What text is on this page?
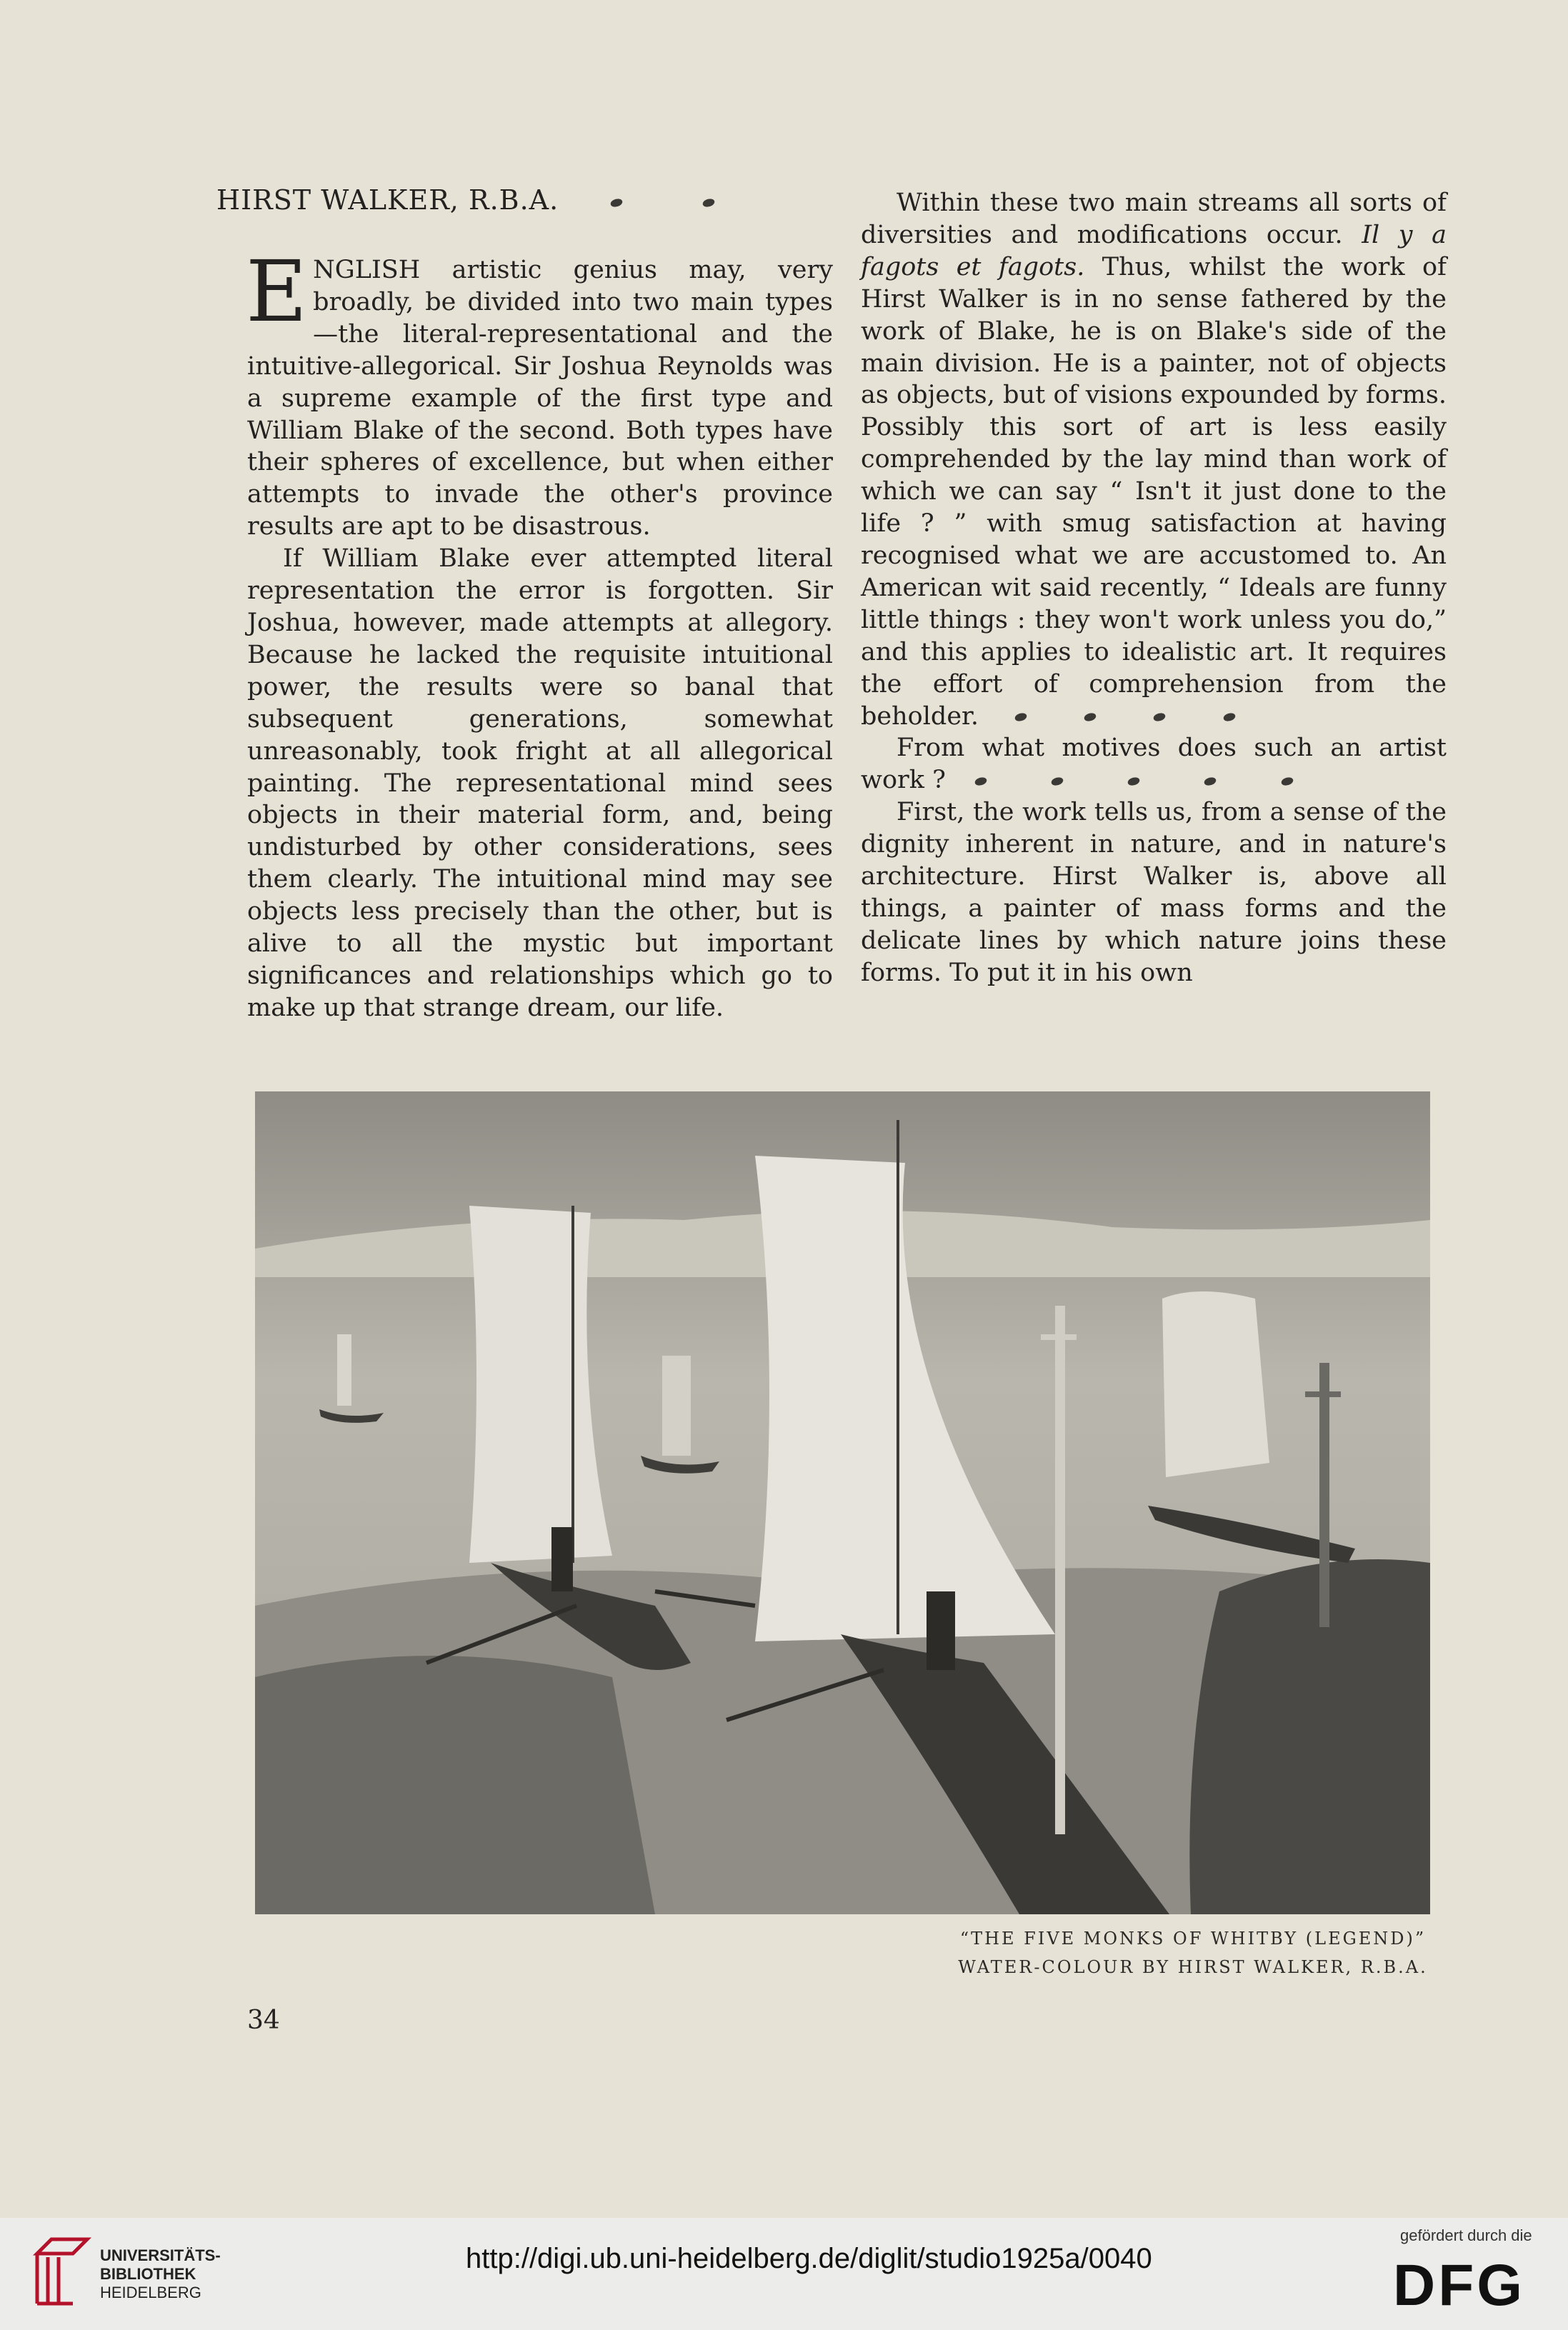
HIRST WALKER, R.B.A.

ENGLISH artistic genius may, very broadly, be divided into two main types—the literal-representational and the intuitive-allegorical. Sir Joshua Reynolds was a supreme example of the first type and William Blake of the second. Both types have their spheres of excellence, but when either attempts to invade the other's province results are apt to be disastrous.

If William Blake ever attempted literal representation the error is forgotten. Sir Joshua, however, made attempts at allegory. Because he lacked the requisite intuitional power, the results were so banal that subsequent generations, somewhat unreasonably, took fright at all allegorical painting. The representational mind sees objects in their material form, and, being undisturbed by other considerations, sees them clearly. The intuitional mind may see objects less precisely than the other, but is alive to all the mystic but important significances and relationships which go to make up that strange dream, our life.

Within these two main streams all sorts of diversities and modifications occur. Il y a fagots et fagots. Thus, whilst the work of Hirst Walker is in no sense fathered by the work of Blake, he is on Blake's side of the main division. He is a painter, not of objects as objects, but of visions expounded by forms. Possibly this sort of art is less easily comprehended by the lay mind than work of which we can say “ Isn't it just done to the life ? ” with smug satisfaction at having recognised what we are accustomed to. An American wit said recently, “ Ideals are funny little things : they won't work unless you do,” and this applies to idealistic art. It requires the effort of comprehension from the beholder.

From what motives does such an artist work ?

First, the work tells us, from a sense of the dignity inherent in nature, and in nature's architecture. Hirst Walker is, above all things, a painter of mass forms and the delicate lines by which nature joins these forms. To put it in his own

“THE FIVE MONKS OF WHITBY (LEGEND)”
WATER-COLOUR BY HIRST WALKER, R.B.A.
34
UNIVERSITÄTS-
BIBLIOTHEK
HEIDELBERG
http://digi.ub.uni-heidelberg.de/diglit/studio1925a/0040
gefördert durch die
DFG
